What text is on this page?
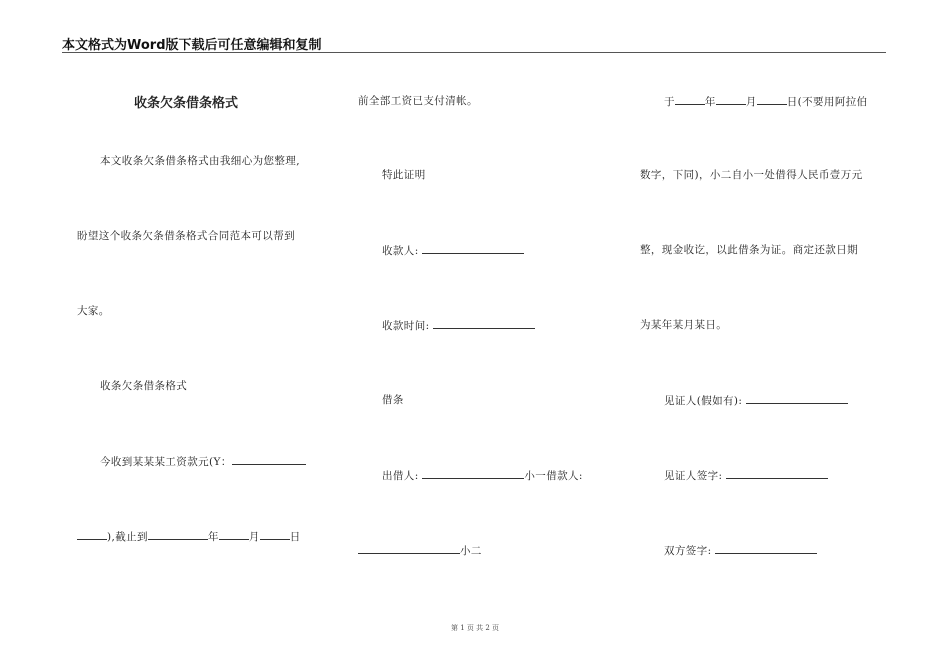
本文格式为Word版下载后可任意编辑和复制
收条欠条借条格式
本文收条欠条借条格式由我细心为您整理,
盼望这个收条欠条借条格式合同范本可以帮到
大家。
收条欠条借条格式
今收到某某某工资款元(Y：
),截止到	年	月	日
前全部工资已支付清帐。
特此证明
收款人:
收款时间:
借条
出借人:	小一借款人:
小二
于	年	月	日(不要用阿拉伯
数字，下同)，小二自小一处借得人民币壹万元
整，现金收讫，以此借条为证。商定还款日期
为某年某月某日。
见证人(假如有):
见证人签字:
双方签字:
第 1 页 共 2 页
